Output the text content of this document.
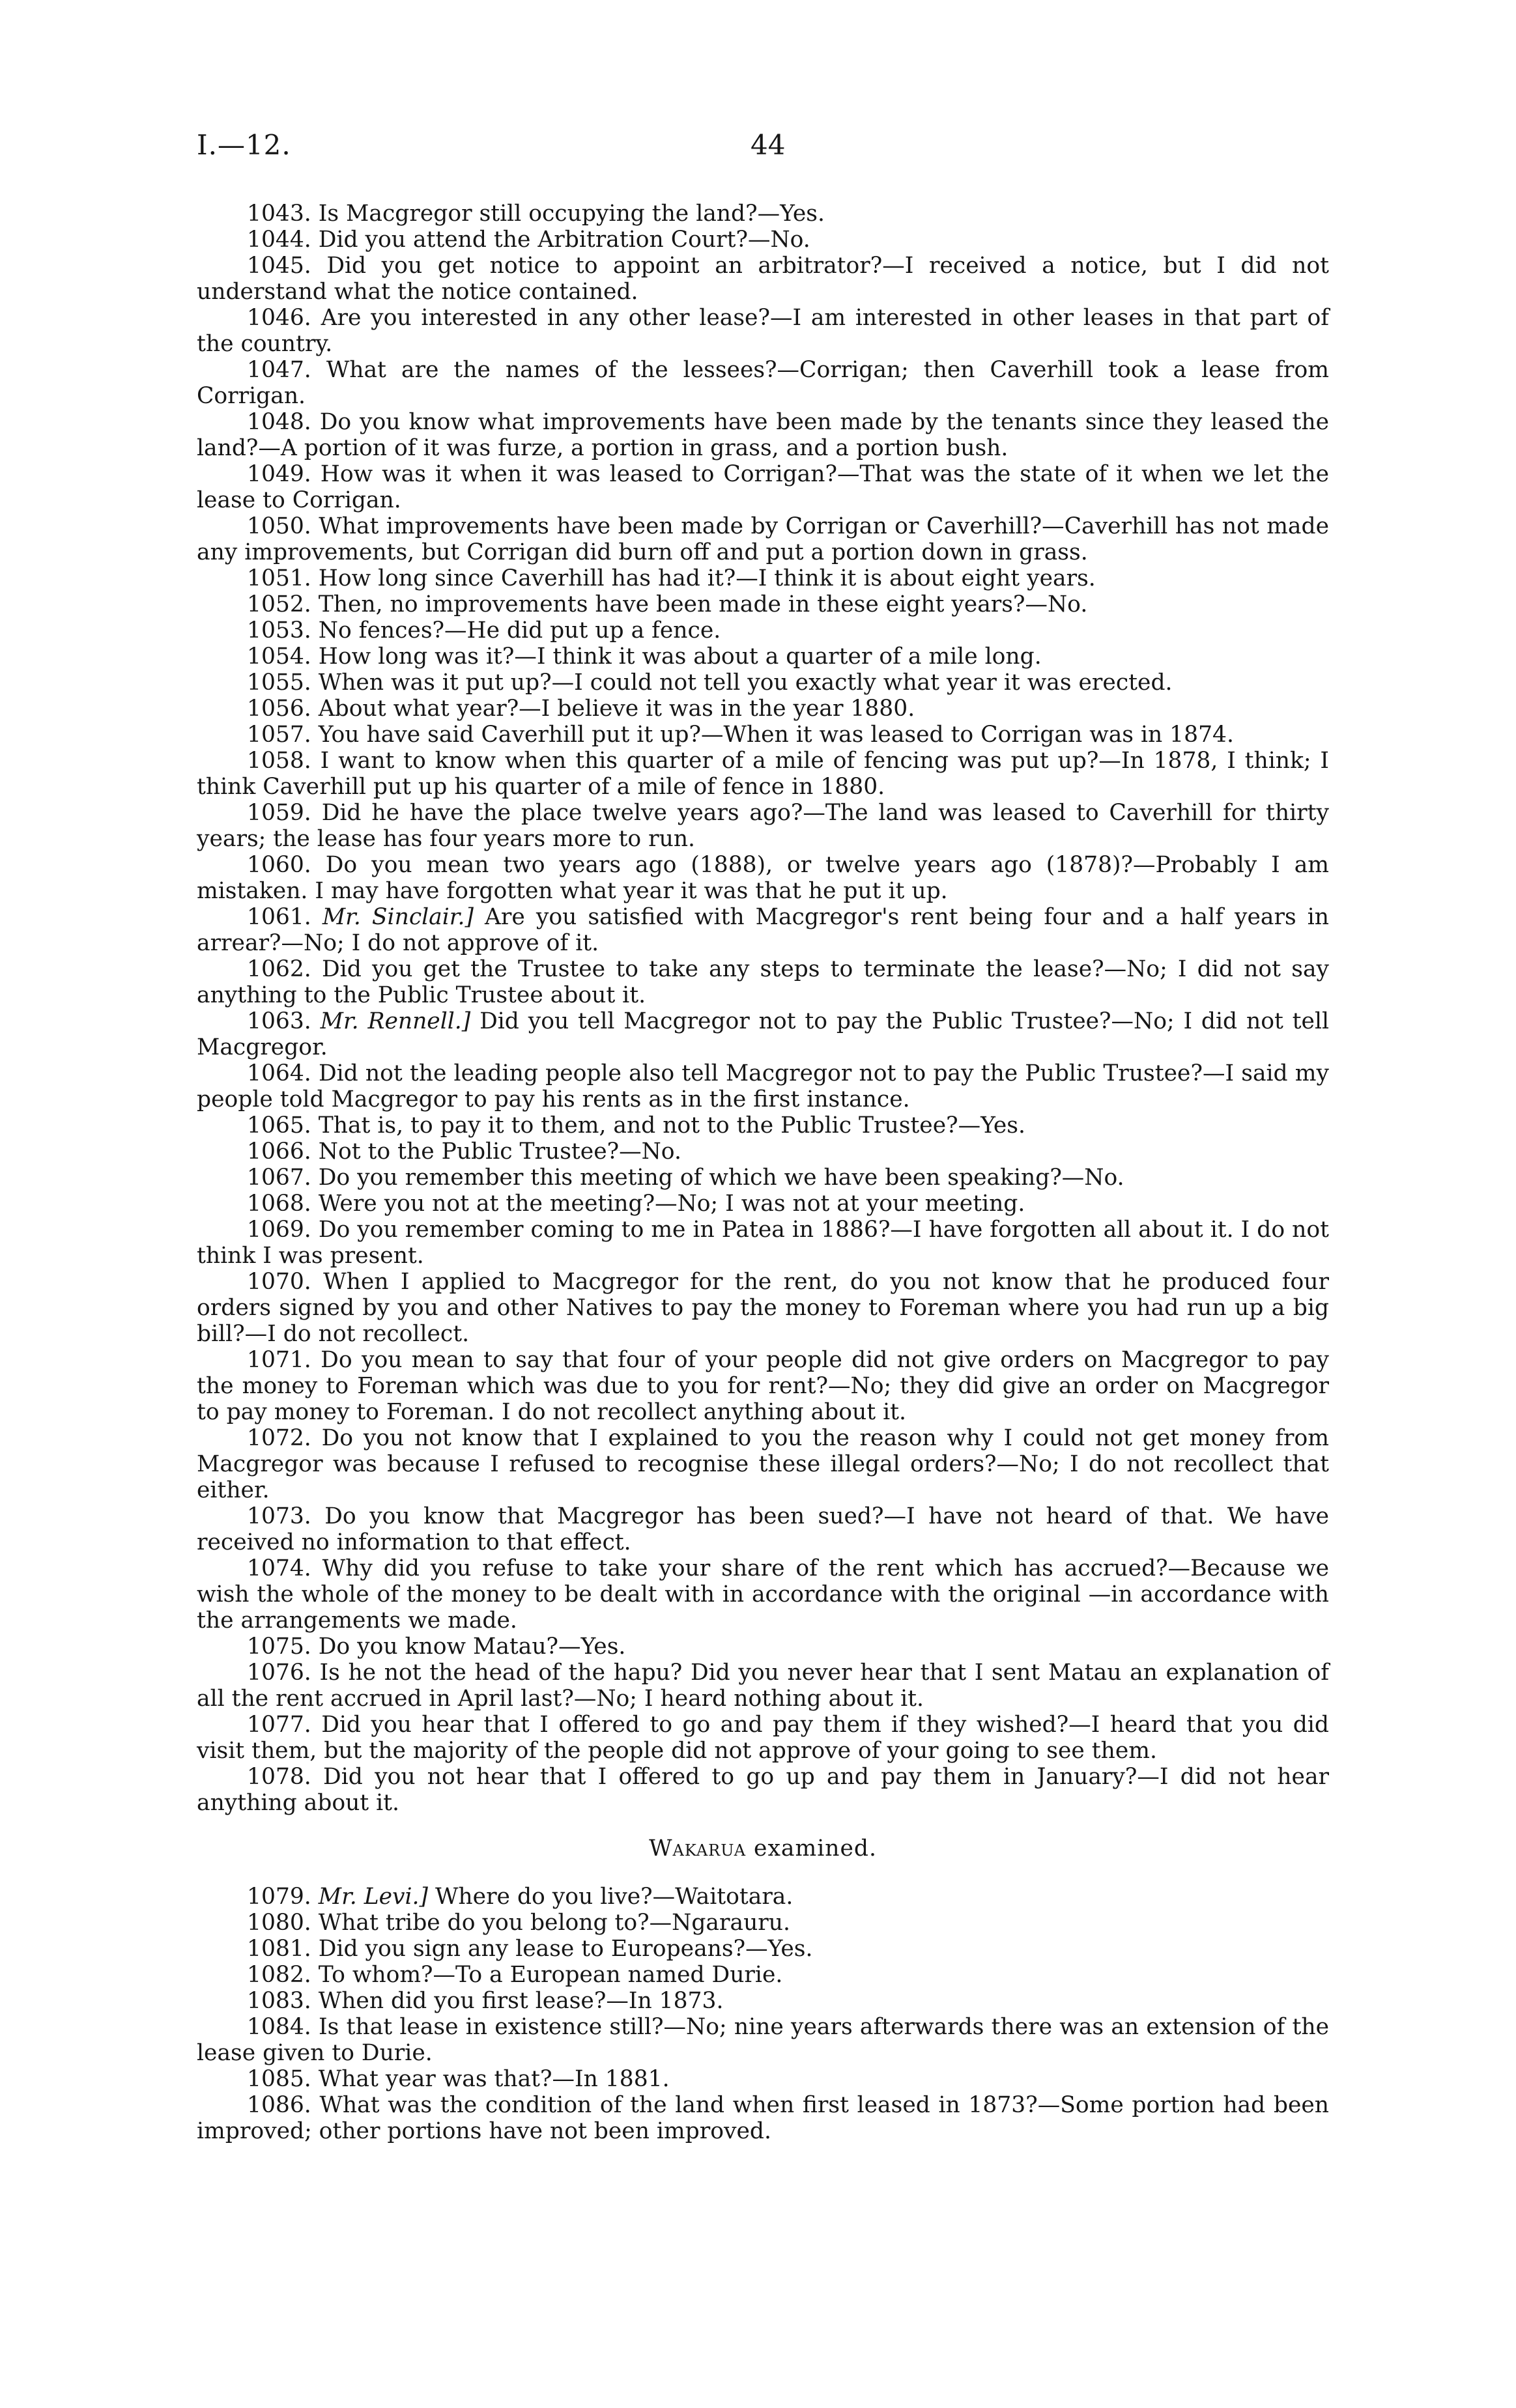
I.—12.	44

1043. Is Macgregor still occupying the land?—Yes.

1044. Did you attend the Arbitration Court?—No.

1045. Did you get notice to appoint an arbitrator?—I received a notice, but I did not understand what the notice contained.

1046. Are you interested in any other lease?—I am interested in other leases in that part of the country.

1047. What are the names of the lessees?—Corrigan; then Caverhill took a lease from Corrigan.

1048. Do you know what improvements have been made by the tenants since they leased the land?—A portion of it was furze, a portion in grass, and a portion bush.

1049. How was it when it was leased to Corrigan?—That was the state of it when we let the lease to Corrigan.

1050. What improvements have been made by Corrigan or Caverhill?—Caverhill has not made any improvements, but Corrigan did burn off and put a portion down in grass.

1051. How long since Caverhill has had it?—I think it is about eight years.

1052. Then, no improvements have been made in these eight years?—No.

1053. No fences?—He did put up a fence.

1054. How long was it?—I think it was about a quarter of a mile long.

1055. When was it put up?—I could not tell you exactly what year it was erected.

1056. About what year?—I believe it was in the year 1880.

1057. You have said Caverhill put it up?—When it was leased to Corrigan was in 1874.

1058. I want to know when this quarter of a mile of fencing was put up?—In 1878, I think; I think Caverhill put up his quarter of a mile of fence in 1880.

1059. Did he have the place twelve years ago?—The land was leased to Caverhill for thirty years; the lease has four years more to run.

1060. Do you mean two years ago (1888), or twelve years ago (1878)?—Probably I am mistaken. I may have forgotten what year it was that he put it up.

1061. Mr. Sinclair.] Are you satisfied with Macgregor's rent being four and a half years in arrear?—No; I do not approve of it.

1062. Did you get the Trustee to take any steps to terminate the lease?—No; I did not say anything to the Public Trustee about it.

1063. Mr. Rennell.] Did you tell Macgregor not to pay the Public Trustee?—No; I did not tell Macgregor.

1064. Did not the leading people also tell Macgregor not to pay the Public Trustee?—I said my people told Macgregor to pay his rents as in the first instance.

1065. That is, to pay it to them, and not to the Public Trustee?—Yes.

1066. Not to the Public Trustee?—No.

1067. Do you remember this meeting of which we have been speaking?—No.

1068. Were you not at the meeting?—No; I was not at your meeting.

1069. Do you remember coming to me in Patea in 1886?—I have forgotten all about it. I do not think I was present.

1070. When I applied to Macgregor for the rent, do you not know that he produced four orders signed by you and other Natives to pay the money to Foreman where you had run up a big bill?—I do not recollect.

1071. Do you mean to say that four of your people did not give orders on Macgregor to pay the money to Foreman which was due to you for rent?—No; they did give an order on Macgregor to pay money to Foreman. I do not recollect anything about it.

1072. Do you not know that I explained to you the reason why I could not get money from Macgregor was because I refused to recognise these illegal orders?—No; I do not recollect that either.

1073. Do you know that Macgregor has been sued?—I have not heard of that. We have received no information to that effect.

1074. Why did you refuse to take your share of the rent which has accrued?—Because we wish the whole of the money to be dealt with in accordance with the original —in accordance with the arrangements we made.

1075. Do you know Matau?—Yes.

1076. Is he not the head of the hapu? Did you never hear that I sent Matau an explanation of all the rent accrued in April last?—No; I heard nothing about it.

1077. Did you hear that I offered to go and pay them if they wished?—I heard that you did visit them, but the majority of the people did not approve of your going to see them.

1078. Did you not hear that I offered to go up and pay them in January?—I did not hear anything about it.

Wakarua examined.

1079. Mr. Levi.] Where do you live?—Waitotara.

1080. What tribe do you belong to?—Ngarauru.

1081. Did you sign any lease to Europeans?—Yes.

1082. To whom?—To a European named Durie.

1083. When did you first lease?—In 1873.

1084. Is that lease in existence still?—No; nine years afterwards there was an extension of the lease given to Durie.

1085. What year was that?—In 1881.

1086. What was the condition of the land when first leased in 1873?—Some portion had been improved; other portions have not been improved.
